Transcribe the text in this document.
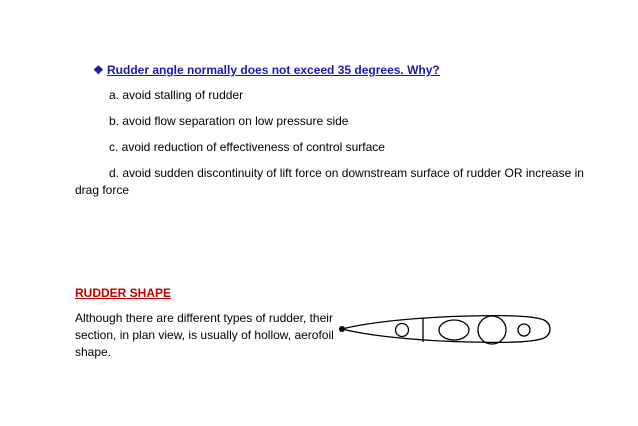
❖ Rudder angle normally does not exceed 35 degrees. Why?
a. avoid stalling of rudder
b. avoid flow separation on low pressure side
c. avoid reduction of effectiveness of control surface
d. avoid sudden discontinuity of lift force on downstream surface of rudder OR increase in
drag force
RUDDER SHAPE
Although there are different types of rudder, their
section, in plan view, is usually of hollow, aerofoil
shape.
